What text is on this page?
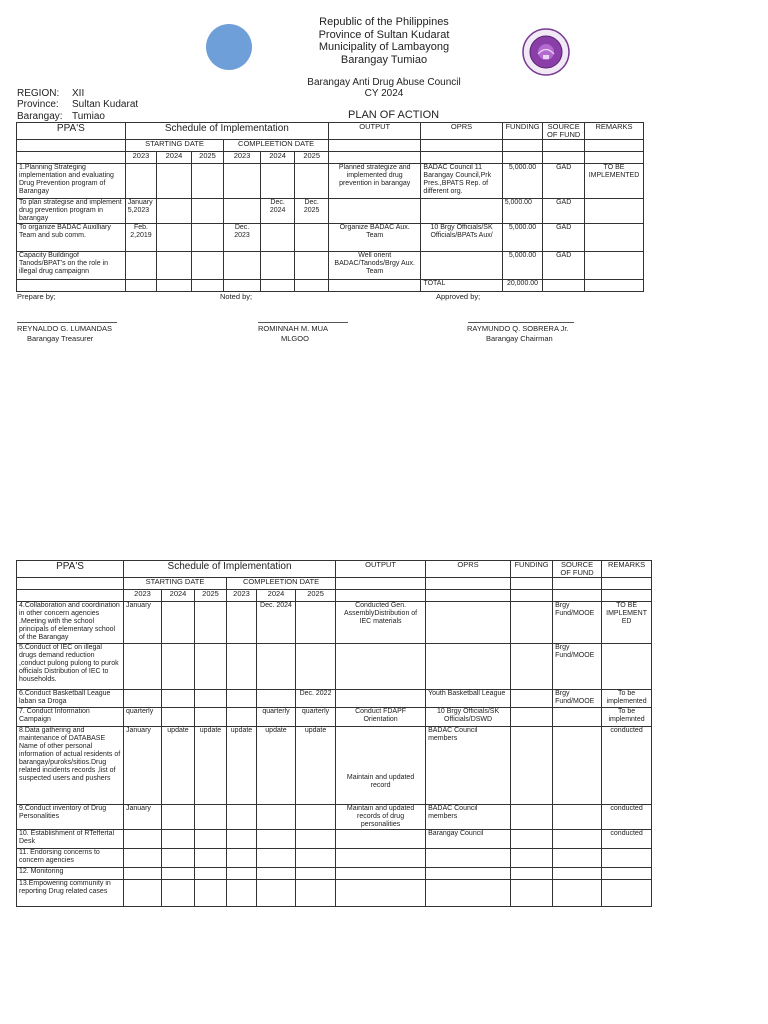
Republic of the Philippines
Province of Sultan Kudarat
Municipality of Lambayong
Barangay Tumiao
Barangay Anti Drug Abuse Council
CY 2024
REGION: XII
Province: Sultan Kudarat
Barangay: Tumiao	PLAN OF ACTION
PPA'S	Schedule of Implementation						OUTPUT	OPRS	FUNDING	SOURCE OF FUND	REMARKS
	STARTING DATE			COMPLEETION DATE							
	2023	2024	2025	2023	2024	2025					
1.Planning Strateging implementation and evaluating Drug Prevention program of Barangay							Planned strategize and implemented drug prevention in barangay	BADAC Council 11 Barangay Council,Prk Pres.,BPATS Rep. of different org.	5,000.00	GAD	TO BE IMPLEMENTED
To plan strategise and implement drug prevention program in barangay	January 5,2023				Dec. 2024	Dec. 2025			5,000.00	GAD	
To organize BADAC Auxilliary Team and sub comm.	Feb. 2,2019			Dec. 2023			Organize BADAC Aux. Team	10 Brgy Officials/SK Officials/BPATs Aux/	5,000.00	GAD	
Capacity Buildingof Tanods/BPAT's on the role in illegal drug campaignn							Well orient BADAC/Tanods/Brgy Aux. Team		5,000.00	GAD	
								TOTAL	20,000.00		
Prepare by;	Noted by;	Approved by;
REYNALDO G. LUMANDAS
Barangay Treasurer
ROMINNAH M. MUA
MLGOO
RAYMUNDO Q. SOBRERA Jr.
Barangay Chairman
PPA'S	Schedule of Implementation						OUTPUT	OPRS	FUNDING	SOURCE OF FUND	REMARKS
	STARTING DATE			COMPLEETION DATE							
	2023	2024	2025	2023	2024	2025					
4.Collaboration and coordination in other concern agencies .Meeting with the school principals of elementary school of the Barangay	January				Dec. 2024		Conducted Gen. AssemblyDistribution of IEC materials			Brgy Fund/MOOE	TO BE IMPLEMENT ED
5.Conduct of IEC on illegal drugs demand reduction ,conduct pulong pulong to purok officials Distribution of IEC to households.										Brgy Fund/MOOE	
6.Conduct Basketball League laban sa Droga						Dec. 2022		Youth Basketball League		Brgy Fund/MOOE	To be implemented
7. Conduct Information Campaign	quarterly				quarterly	quarterly	Conduct FDAPF Orientation	10 Brgy Officials/SK Officials/DSWD			To be implemnted
8.Data gathering and maintenance of DATABASE Name of other personal information of actual residents of barangay/puroks/sitios.Drug related incidents records ,list of suspected users and pushers	January	update	update	update	update	update	Maintain and updated record	BADAC Council members			conducted
9.Conduct inventory of Drug Personalities	January						Maintain and updated records of drug personalities	BADAC Council members			conducted
10. Establishment of RTeffertal Desk								Barangay Council			conducted
11. Endorsing concerns to concern agencies											
12. Monitoring											
13.Empowering community in reporting Drug related cases											
